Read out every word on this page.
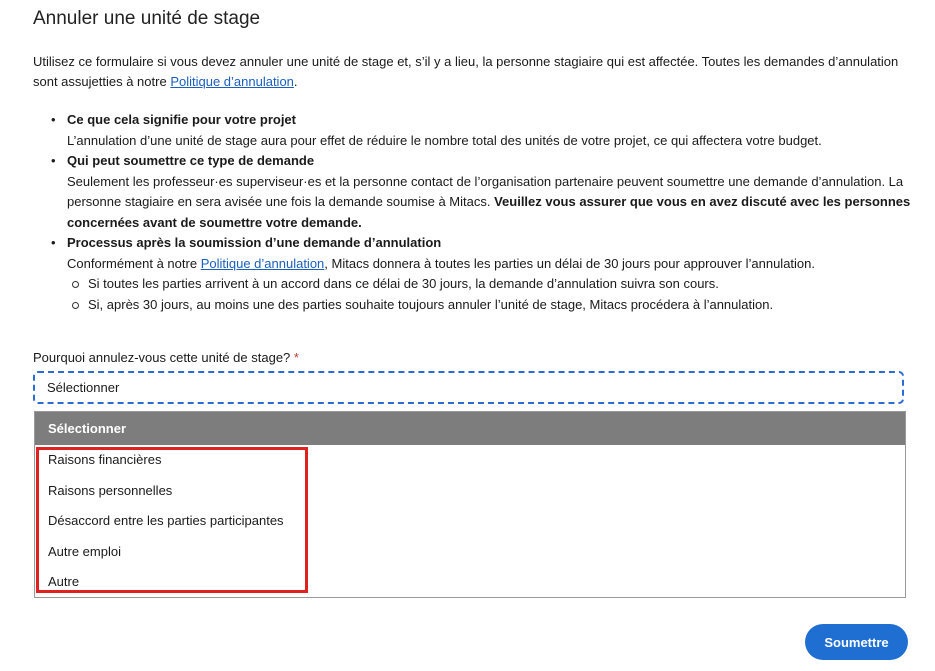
Annuler une unité de stage

Utilisez ce formulaire si vous devez annuler une unité de stage et, s’il y a lieu, la personne stagiaire qui est affectée. Toutes les demandes d’annulation sont assujetties à notre Politique d’annulation.

• Ce que cela signifie pour votre projet
L’annulation d’une unité de stage aura pour effet de réduire le nombre total des unités de votre projet, ce qui affectera votre budget.
• Qui peut soumettre ce type de demande
Seulement les professeur·es superviseur·es et la personne contact de l’organisation partenaire peuvent soumettre une demande d’annulation. La personne stagiaire en sera avisée une fois la demande soumise à Mitacs. Veuillez vous assurer que vous en avez discuté avec les personnes concernées avant de soumettre votre demande.
• Processus après la soumission d’une demande d’annulation
Conformément à notre Politique d’annulation, Mitacs donnera à toutes les parties un délai de 30 jours pour approuver l’annulation.
Si toutes les parties arrivent à un accord dans ce délai de 30 jours, la demande d’annulation suivra son cours.
Si, après 30 jours, au moins une des parties souhaite toujours annuler l’unité de stage, Mitacs procédera à l’annulation.
Pourquoi annulez-vous cette unité de stage? *
Sélectionner
Sélectionner
Raisons financières
Raisons personnelles
Désaccord entre les parties participantes
Autre emploi
Autre
Soumettre
